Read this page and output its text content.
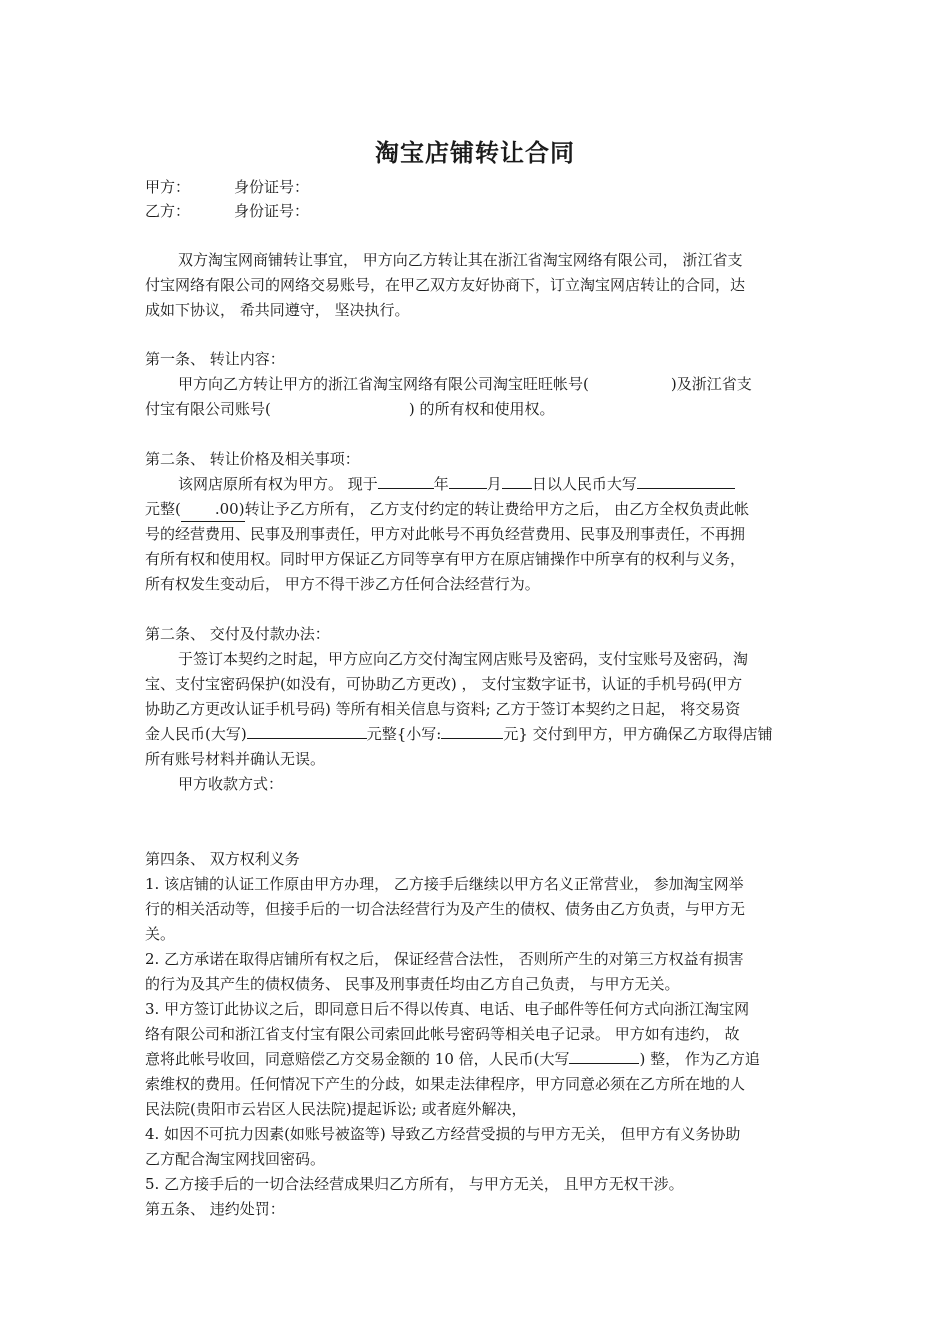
淘宝店铺转让合同
甲方：	身份证号：
乙方：	身份证号：
双方淘宝网商铺转让事宜， 甲方向乙方转让其在浙江省淘宝网络有限公司， 浙江省支
付宝网络有限公司的网络交易账号，在甲乙双方友好协商下，订立淘宝网店转让的合同，达
成如下协议， 希共同遵守， 坚决执行。
第一条、 转让内容：
甲方向乙方转让甲方的浙江省淘宝网络有限公司淘宝旺旺帐号(	)及浙江省支
付宝有限公司账号(	) 的所有权和使用权。
第二条、 转让价格及相关事项：
该网店原所有权为甲方。 现于	年	月 日以人民币大写
元整( .00)转让予乙方所有， 乙方支付约定的转让费给甲方之后， 由乙方全权负责此帐
号的经营费用、民事及刑事责任，甲方对此帐号不再负经营费用、民事及刑事责任，不再拥
有所有权和使用权。同时甲方保证乙方同等享有甲方在原店铺操作中所享有的权利与义务，
所有权发生变动后， 甲方不得干涉乙方任何合法经营行为。
第二条、 交付及付款办法：
于签订本契约之时起，甲方应向乙方交付淘宝网店账号及密码，支付宝账号及密码，淘
宝、支付宝密码保护(如没有，可协助乙方更改) ， 支付宝数字证书，认证的手机号码(甲方
协助乙方更改认证手机号码) 等所有相关信息与资料; 乙方于签订本契约之日起， 将交易资
金人民币(大写)	元整{小写:	元} 交付到甲方，甲方确保乙方取得店铺
所有账号材料并确认无误。
甲方收款方式：
第四条、 双方权利义务
1. 该店铺的认证工作原由甲方办理， 乙方接手后继续以甲方名义正常营业， 参加淘宝网举
行的相关活动等，但接手后的一切合法经营行为及产生的债权、债务由乙方负责，与甲方无
关。
2. 乙方承诺在取得店铺所有权之后， 保证经营合法性， 否则所产生的对第三方权益有损害
的行为及其产生的债权债务、 民事及刑事责任均由乙方自己负责， 与甲方无关。
3. 甲方签订此协议之后，即同意日后不得以传真、电话、电子邮件等任何方式向浙江淘宝网
络有限公司和浙江省支付宝有限公司索回此帐号密码等相关电子记录。 甲方如有违约， 故
意将此帐号收回，同意赔偿乙方交易金额的 10 倍，人民币(大写	) 整， 作为乙方追
索维权的费用。任何情况下产生的分歧，如果走法律程序，甲方同意必须在乙方所在地的人
民法院(贵阳市云岩区人民法院)提起诉讼; 或者庭外解决，
4. 如因不可抗力因素(如账号被盗等) 导致乙方经营受损的与甲方无关， 但甲方有义务协助
乙方配合淘宝网找回密码。
5. 乙方接手后的一切合法经营成果归乙方所有， 与甲方无关， 且甲方无权干涉。
第五条、 违约处罚：
